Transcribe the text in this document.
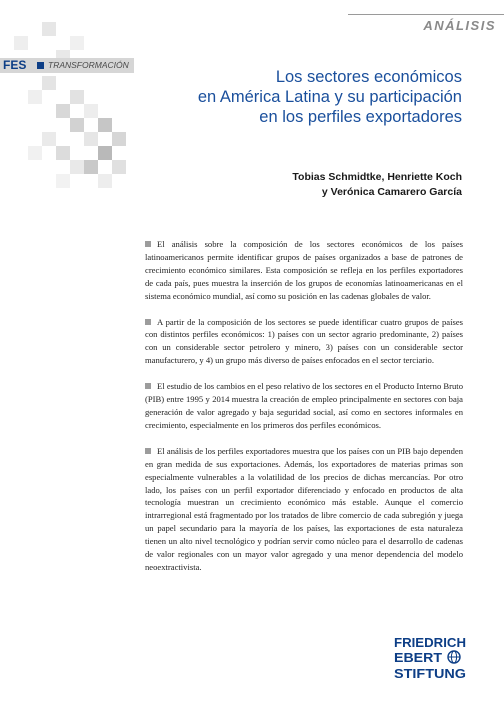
ANÁLISIS
FES	TRANSFORMACIÓN
Los sectores económicos
en América Latina y su participación
en los perfiles exportadores
Tobias Schmidtke, Henriette Koch
y Verónica Camarero García
El análisis sobre la composición de los sectores económicos de los países latinoamericanos permite identificar grupos de países organizados a base de patrones de crecimiento económico similares. Esta composición se refleja en los perfiles exportadores de cada país, pues muestra la inserción de los grupos de economías latinoamericanas en el sistema económico mundial, así como su posición en las cadenas globales de valor.
A partir de la composición de los sectores se puede identificar cuatro grupos de países con distintos perfiles económicos: 1) países con un sector agrario predominante, 2) países con un considerable sector petrolero y minero, 3) países con un considerable sector manufacturero, y 4) un grupo más diverso de países enfocados en el sector terciario.
El estudio de los cambios en el peso relativo de los sectores en el Producto Interno Bruto (PIB) entre 1995 y 2014 muestra la creación de empleo principalmente en sectores con baja generación de valor agregado y baja seguridad social, así como en sectores informales en crecimiento, especialmente en los primeros dos perfiles económicos.
El análisis de los perfiles exportadores muestra que los países con un PIB bajo dependen en gran medida de sus exportaciones. Además, los exportadores de materias primas son especialmente vulnerables a la volatilidad de los precios de dichas mercancías. Por otro lado, los países con un perfil exportador diferenciado y enfocado en productos de alta tecnología muestran un crecimiento económico más estable. Aunque el comercio intrarregional está fragmentado por los tratados de libre comercio de cada subregión y juega un papel secundario para la mayoría de los países, las exportaciones de esta naturaleza tienen un alto nivel tecnológico y podrían servir como núcleo para el desarrollo de cadenas de valor regionales con un mayor valor agregado y una menor dependencia del modelo neoextractivista.
FRIEDRICH
EBERT
STIFTUNG
